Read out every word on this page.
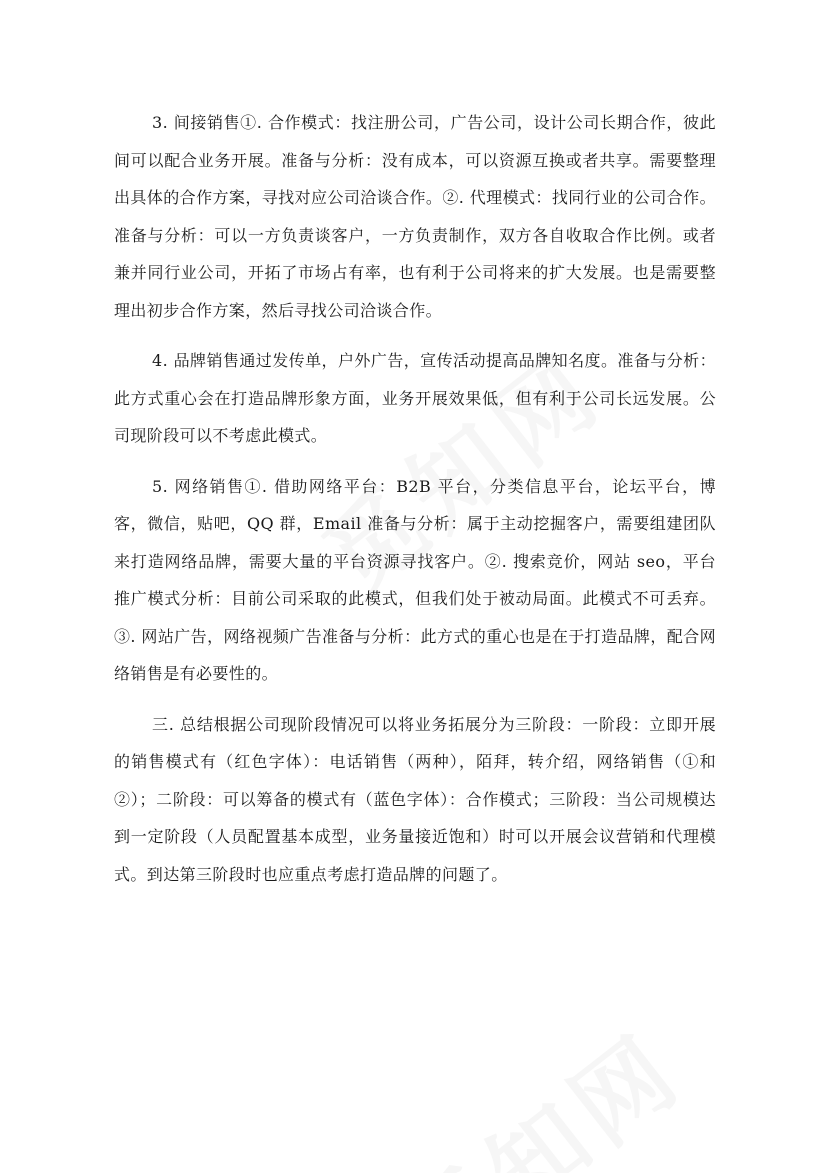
3. 间接销售①. 合作模式：找注册公司，广告公司，设计公司长期合作，彼此间可以配合业务开展。准备与分析：没有成本，可以资源互换或者共享。需要整理出具体的合作方案，寻找对应公司洽谈合作。②. 代理模式：找同行业的公司合作。准备与分析：可以一方负责谈客户，一方负责制作，双方各自收取合作比例。或者兼并同行业公司，开拓了市场占有率，也有利于公司将来的扩大发展。也是需要整理出初步合作方案，然后寻找公司洽谈合作。

4. 品牌销售通过发传单，户外广告，宣传活动提高品牌知名度。准备与分析：此方式重心会在打造品牌形象方面，业务开展效果低，但有利于公司长远发展。公司现阶段可以不考虑此模式。

5. 网络销售①. 借助网络平台：B2B 平台，分类信息平台，论坛平台，博客，微信，贴吧，QQ 群，Email 准备与分析：属于主动挖掘客户，需要组建团队来打造网络品牌，需要大量的平台资源寻找客户。②. 搜索竞价，网站 seo，平台推广模式分析：目前公司采取的此模式，但我们处于被动局面。此模式不可丢弃。③. 网站广告，网络视频广告准备与分析：此方式的重心也是在于打造品牌，配合网络销售是有必要性的。

三. 总结根据公司现阶段情况可以将业务拓展分为三阶段：一阶段：立即开展的销售模式有（红色字体）：电话销售（两种），陌拜，转介绍，网络销售（①和②）；二阶段：可以筹备的模式有（蓝色字体）：合作模式；三阶段：当公司规模达到一定阶段（人员配置基本成型，业务量接近饱和）时可以开展会议营销和代理模式。到达第三阶段时也应重点考虑打造品牌的问题了。
